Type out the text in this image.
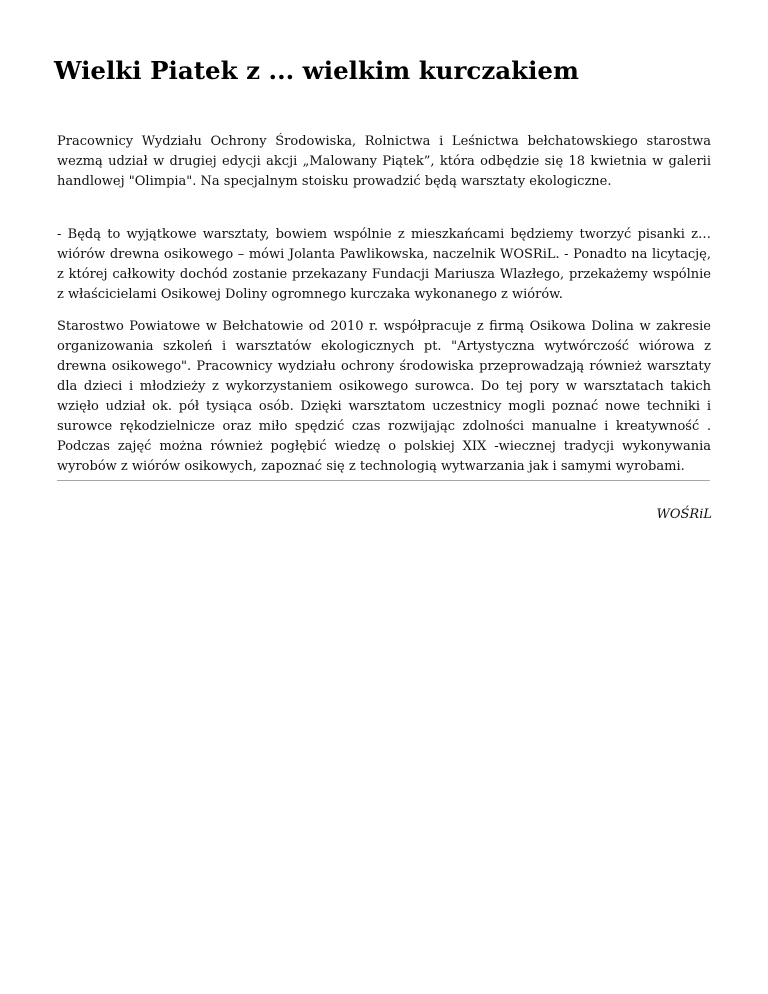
Wielki Piatek z ... wielkim kurczakiem

Pracownicy Wydziału Ochrony Środowiska, Rolnictwa i Leśnictwa bełchatowskiego starostwa wezmą udział w drugiej edycji akcji „Malowany Piątek”, która odbędzie się 18 kwietnia w galerii handlowej "Olimpia". Na specjalnym stoisku prowadzić będą warsztaty ekologiczne.

- Będą to wyjątkowe warsztaty, bowiem wspólnie z mieszkańcami będziemy tworzyć pisanki z… wiórów drewna osikowego – mówi Jolanta Pawlikowska, naczelnik WOSRiL. - Ponadto na licytację, z której całkowity dochód zostanie przekazany Fundacji Mariusza Wlazłego, przekażemy wspólnie z właścicielami Osikowej Doliny ogromnego kurczaka wykonanego z wiórów.

Starostwo Powiatowe w Bełchatowie od 2010 r. współpracuje z firmą Osikowa Dolina w zakresie organizowania szkoleń i warsztatów ekologicznych pt. "Artystyczna wytwórczość wiórowa z drewna osikowego". Pracownicy wydziału ochrony środowiska przeprowadzają również warsztaty dla dzieci i młodzieży z wykorzystaniem osikowego surowca. Do tej pory w warsztatach takich wzięło udział ok. pół tysiąca osób. Dzięki warsztatom uczestnicy mogli poznać nowe techniki i surowce rękodzielnicze oraz miło spędzić czas rozwijając zdolności manualne i kreatywność . Podczas zajęć można również pogłębić wiedzę o polskiej XIX -wiecznej tradycji wykonywania wyrobów z wiórów osikowych, zapoznać się z technologią wytwarzania jak i samymi wyrobami.

WOŚRiL
